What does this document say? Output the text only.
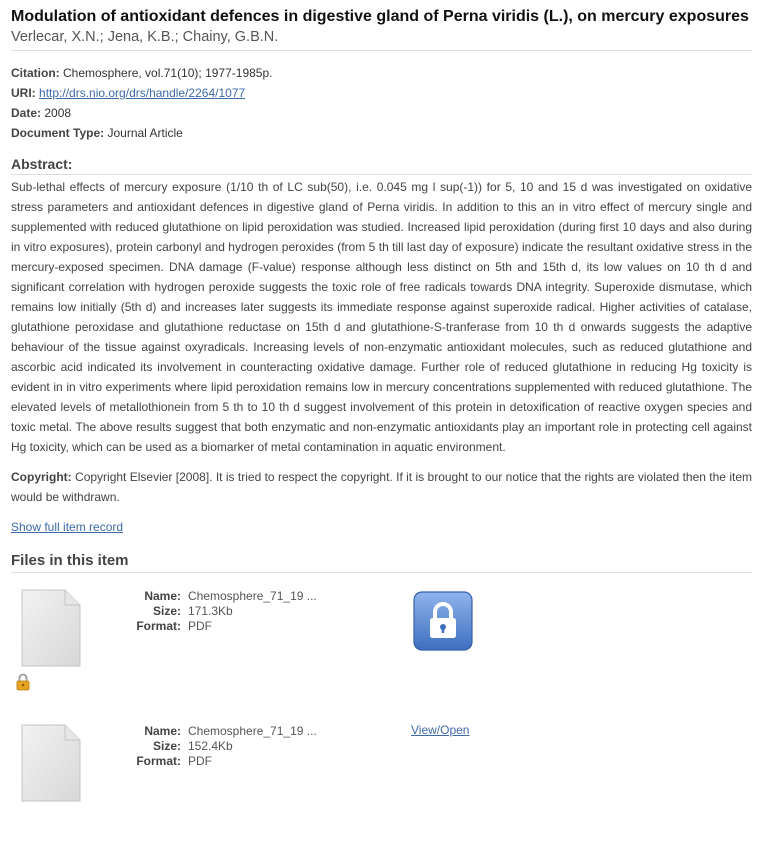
Modulation of antioxidant defences in digestive gland of Perna viridis (L.), on mercury exposures
Verlecar, X.N.; Jena, K.B.; Chainy, G.B.N.
Citation: Chemosphere, vol.71(10); 1977-1985p.
URI: http://drs.nio.org/drs/handle/2264/1077
Date: 2008
Document Type: Journal Article
Abstract:

Sub-lethal effects of mercury exposure (1/10 th of LC sub(50), i.e. 0.045 mg l sup(-1)) for 5, 10 and 15 d was investigated on oxidative stress parameters and antioxidant defences in digestive gland of Perna viridis. In addition to this an in vitro effect of mercury single and supplemented with reduced glutathione on lipid peroxidation was studied. Increased lipid peroxidation (during first 10 days and also during in vitro exposures), protein carbonyl and hydrogen peroxides (from 5 th till last day of exposure) indicate the resultant oxidative stress in the mercury-exposed specimen. DNA damage (F-value) response although less distinct on 5th and 15th d, its low values on 10 th d and significant correlation with hydrogen peroxide suggests the toxic role of free radicals towards DNA integrity. Superoxide dismutase, which remains low initially (5th d) and increases later suggests its immediate response against superoxide radical. Higher activities of catalase, glutathione peroxidase and glutathione reductase on 15th d and glutathione-S-tranferase from 10 th d onwards suggests the adaptive behaviour of the tissue against oxyradicals. Increasing levels of non-enzymatic antioxidant molecules, such as reduced glutathione and ascorbic acid indicated its involvement in counteracting oxidative damage. Further role of reduced glutathione in reducing Hg toxicity is evident in in vitro experiments where lipid peroxidation remains low in mercury concentrations supplemented with reduced glutathione. The elevated levels of metallothionein from 5 th to 10 th d suggest involvement of this protein in detoxification of reactive oxygen species and toxic metal. The above results suggest that both enzymatic and non-enzymatic antioxidants play an important role in protecting cell against Hg toxicity, which can be used as a biomarker of metal contamination in aquatic environment.

Copyright: Copyright Elsevier [2008]. It is tried to respect the copyright. If it is brought to our notice that the rights are violated then the item would be withdrawn.

Show full item record
Files in this item
Name: Chemosphere_71_19 ...
Size: 171.3Kb
Format: PDF
Name: Chemosphere_71_19 ...
Size: 152.4Kb
Format: PDF
View/Open
